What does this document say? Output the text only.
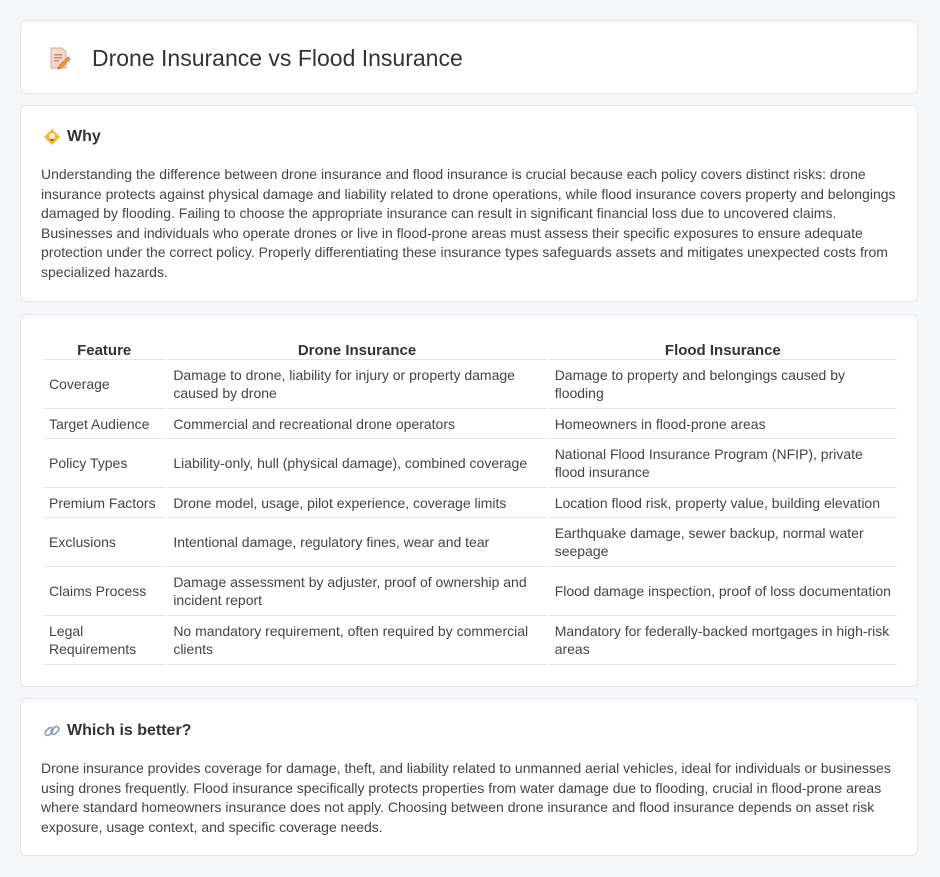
Drone Insurance vs Flood Insurance
Why

Understanding the difference between drone insurance and flood insurance is crucial because each policy covers distinct risks: drone insurance protects against physical damage and liability related to drone operations, while flood insurance covers property and belongings damaged by flooding. Failing to choose the appropriate insurance can result in significant financial loss due to uncovered claims. Businesses and individuals who operate drones or live in flood-prone areas must assess their specific exposures to ensure adequate protection under the correct policy. Properly differentiating these insurance types safeguards assets and mitigates unexpected costs from specialized hazards.

Feature	Drone Insurance	Flood Insurance
Coverage	Damage to drone, liability for injury or property damage caused by drone	Damage to property and belongings caused by flooding
Target Audience	Commercial and recreational drone operators	Homeowners in flood-prone areas
Policy Types	Liability-only, hull (physical damage), combined coverage	National Flood Insurance Program (NFIP), private flood insurance
Premium Factors	Drone model, usage, pilot experience, coverage limits	Location flood risk, property value, building elevation
Exclusions	Intentional damage, regulatory fines, wear and tear	Earthquake damage, sewer backup, normal water seepage
Claims Process	Damage assessment by adjuster, proof of ownership and incident report	Flood damage inspection, proof of loss documentation
Legal Requirements	No mandatory requirement, often required by commercial clients	Mandatory for federally-backed mortgages in high-risk areas
Which is better?

Drone insurance provides coverage for damage, theft, and liability related to unmanned aerial vehicles, ideal for individuals or businesses using drones frequently. Flood insurance specifically protects properties from water damage due to flooding, crucial in flood-prone areas where standard homeowners insurance does not apply. Choosing between drone insurance and flood insurance depends on asset risk exposure, usage context, and specific coverage needs.
